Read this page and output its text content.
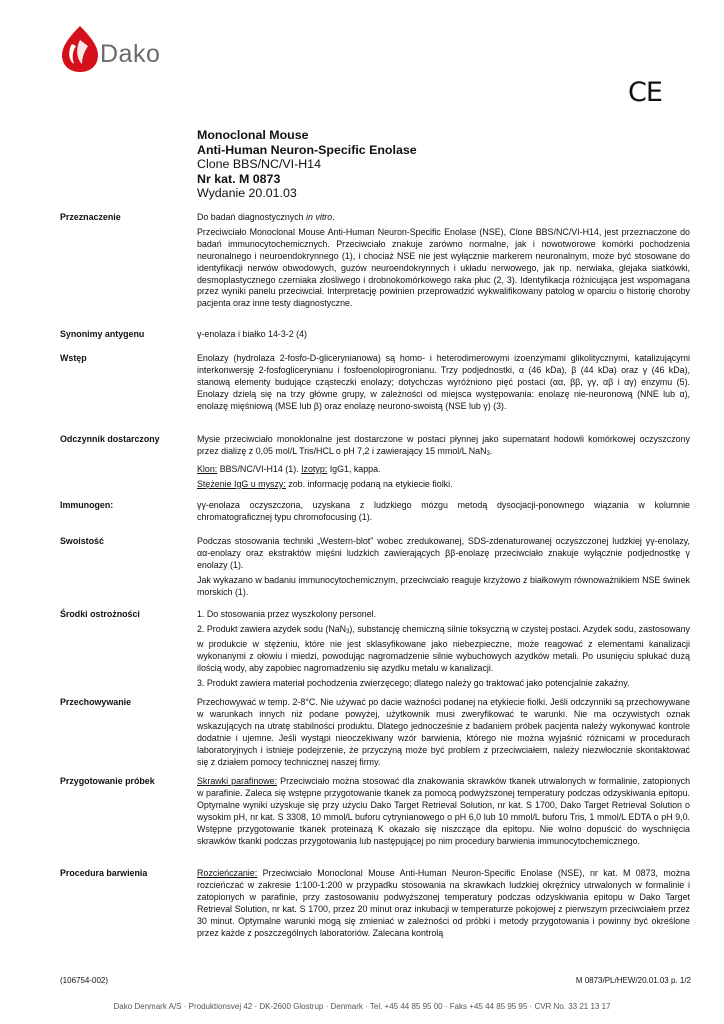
Dako
CE
Monoclonal Mouse
Anti-Human Neuron-Specific Enolase
Clone BBS/NC/VI-H14
Nr kat. M 0873
Wydanie 20.01.03
Przeznaczenie	Do badań diagnostycznych in vitro.

Przeciwciało Monoclonal Mouse Anti-Human Neuron-Specific Enolase (NSE), Clone BBS/NC/VI-H14, jest przeznaczone do badań immunocytochemicznych. Przeciwciało znakuje zarówno normalne, jak i nowotworowe komórki pochodzenia neuronalnego i neuroendokrynnego (1), i chociaż NSE nie jest wyłącznie markerem neuronalnym, może być stosowane do identyfikacji nerwów obwodowych, guzów neuroendokrynnych i układu nerwowego, jak np. nerwiaka, glejaka siatkówki, desmoplastycznego czerniaka złośliwego i drobnokomórkowego raka płuc (2, 3). Identyfikacja różnicująca jest wspomagana przez wyniki panelu przeciwciał. Interpretację powinien przeprowadzić wykwalifikowany patolog w oparciu o historię choroby pacjenta oraz inne testy diagnostyczne.

Synonimy antygenu	γ-enolaza i białko 14-3-2 (4)

Wstęp	Enolazy (hydrolaza 2-fosfo-D-glicerynianowa) są homo- i heterodimerowymi izoenzymami glikolitycznymi, katalizującymi interkonwersję 2-fosfoglicerynianu i fosfoenolopirogronianu. Trzy podjednostki, α (46 kDa), β (44 kDa) oraz γ (46 kDa), stanową elementy budujące cząsteczki enolazy; dotychczas wyróżniono pięć postaci (αα, ββ, γγ, αβ i αγ) enzymu (5). Enolazy dzielą się na trzy główne grupy, w zależności od miejsca występowania: enolazę nie-neuronową (NNE lub α), enolazę mięśniową (MSE lub β) oraz enolazę neurono-swoistą (NSE lub γ) (3).

Odczynnik dostarczony	Mysie przeciwciało monoklonalne jest dostarczone w postaci płynnej jako supernatant hodowli komórkowej oczyszczony przez dializę z 0,05 mol/L Tris/HCL o pH 7,2 i zawierający 15 mmol/L NaN$_3$.

Klon: BBS/NC/VI-H14 (1). Izotyp: IgG1, kappa.

Stężenie IgG u myszy: zob. informację podaną na etykiecie fiolki.

Immunogen:	γγ-enolaza oczyszczona, uzyskana z ludzkiego mózgu metodą dysocjacji-ponownego wiązania w kolumnie chromatograficznej typu chromofocusing (1).

Swoistość	Podczas stosowania techniki „Western-blot" wobec zredukowanej, SDS-zdenaturowanej oczyszczonej ludzkiej γγ-enolazy, αα-enolazy oraz ekstraktów mięśni ludzkich zawierających ββ-enolazę przeciwciało znakuje wyłącznie podjednostkę γ enolazy (1).

Jak wykazano w badaniu immunocytochemicznym, przeciwciało reaguje krzyżowo z białkowym równoważnikiem NSE świnek morskich (1).

Środki ostrożności	1. Do stosowania przez wyszkolony personel.

2. Produkt zawiera azydek sodu (NaN$_3$), substancję chemiczną silnie toksyczną w czystej postaci. Azydek sodu, zastosowany w produkcie w stężeniu, które nie jest sklasyfikowane jako niebezpieczne, może reagować z elementami kanalizacji wykonanymi z ołowiu i miedzi, powodując nagromadzenie silnie wybuchowych azydków metali. Po usunięciu spłukać dużą ilością wody, aby zapobiec nagromadzeniu się azydku metalu w kanalizacji.

3. Produkt zawiera materiał pochodzenia zwierzęcego; dlatego należy go traktować jako potencjalnie zakaźny.

Przechowywanie	Przechowywać w temp. 2-8°C. Nie używać po dacie ważności podanej na etykiecie fiolki. Jeśli odczynniki są przechowywane w warunkach innych niż podane powyżej, użytkownik musi zweryfikować te warunki. Nie ma oczywistych oznak wskazujących na utratę stabilności produktu. Dlatego jednocześnie z badaniem próbek pacjenta należy wykonywać kontrole dodatnie i ujemne. Jeśli wystąpi nieoczekiwany wzór barwienia, którego nie można wyjaśnić różnicami w procedurach laboratoryjnych i istnieje podejrzenie, że przyczyną może być problem z przeciwciałem, należy niezwłocznie skontaktować się z działem pomocy technicznej naszej firmy.

Przygotowanie próbek	Skrawki parafinowe: Przeciwciało można stosować dla znakowania skrawków tkanek utrwalonych w formalinie, zatopionych w parafinie. Zaleca się wstępne przygotowanie tkanek za pomocą podwyższonej temperatury podczas odzyskiwania epitopu. Optymalne wyniki uzyskuje się przy użyciu Dako Target Retrieval Solution, nr kat. S 1700, Dako Target Retrieval Solution o wysokim pH, nr kat. S 3308, 10 mmol/L buforu cytrynianowego o pH 6,0 lub 10 mmol/L buforu Tris, 1 mmol/L EDTA o pH 9,0. Wstępne przygotowanie tkanek proteinazą K okazało się niszczące dla epitopu. Nie wolno dopuścić do wyschnięcia skrawków tkanki podczas przygotowania lub następującej po nim procedury barwienia immunocytochemicznego.

Procedura barwienia	Rozcieńczanie: Przeciwciało Monoclonal Mouse Anti-Human Neuron-Specific Enolase (NSE), nr kat. M 0873, można rozcieńczać w zakresie 1:100-1:200 w przypadku stosowania na skrawkach ludzkiej okrężnicy utrwalonych w formalinie i zatopionych w parafinie, przy zastosowaniu podwyższonej temperatury podczas odzyskiwania epitopu w Dako Target Retrieval Solution, nr kat. S 1700, przez 20 minut oraz inkubacji w temperaturze pokojowej z pierwszym przeciwciałem przez 30 minut. Optymalne warunki mogą się zmieniać w zależności od próbki i metody przygotowania i powinny być określone przez każde z poszczególnych laboratoriów. Zalecana kontrolą

(106754-002)	M 0873/PL/HEW/20.01.03 p. 1/2
Dako Denmark A/S · Produktionsvej 42 · DK-2600 Glostrup · Denmark · Tel. +45 44 85 95 00 · Faks +45 44 85 95 95 · CVR No. 33 21 13 17
